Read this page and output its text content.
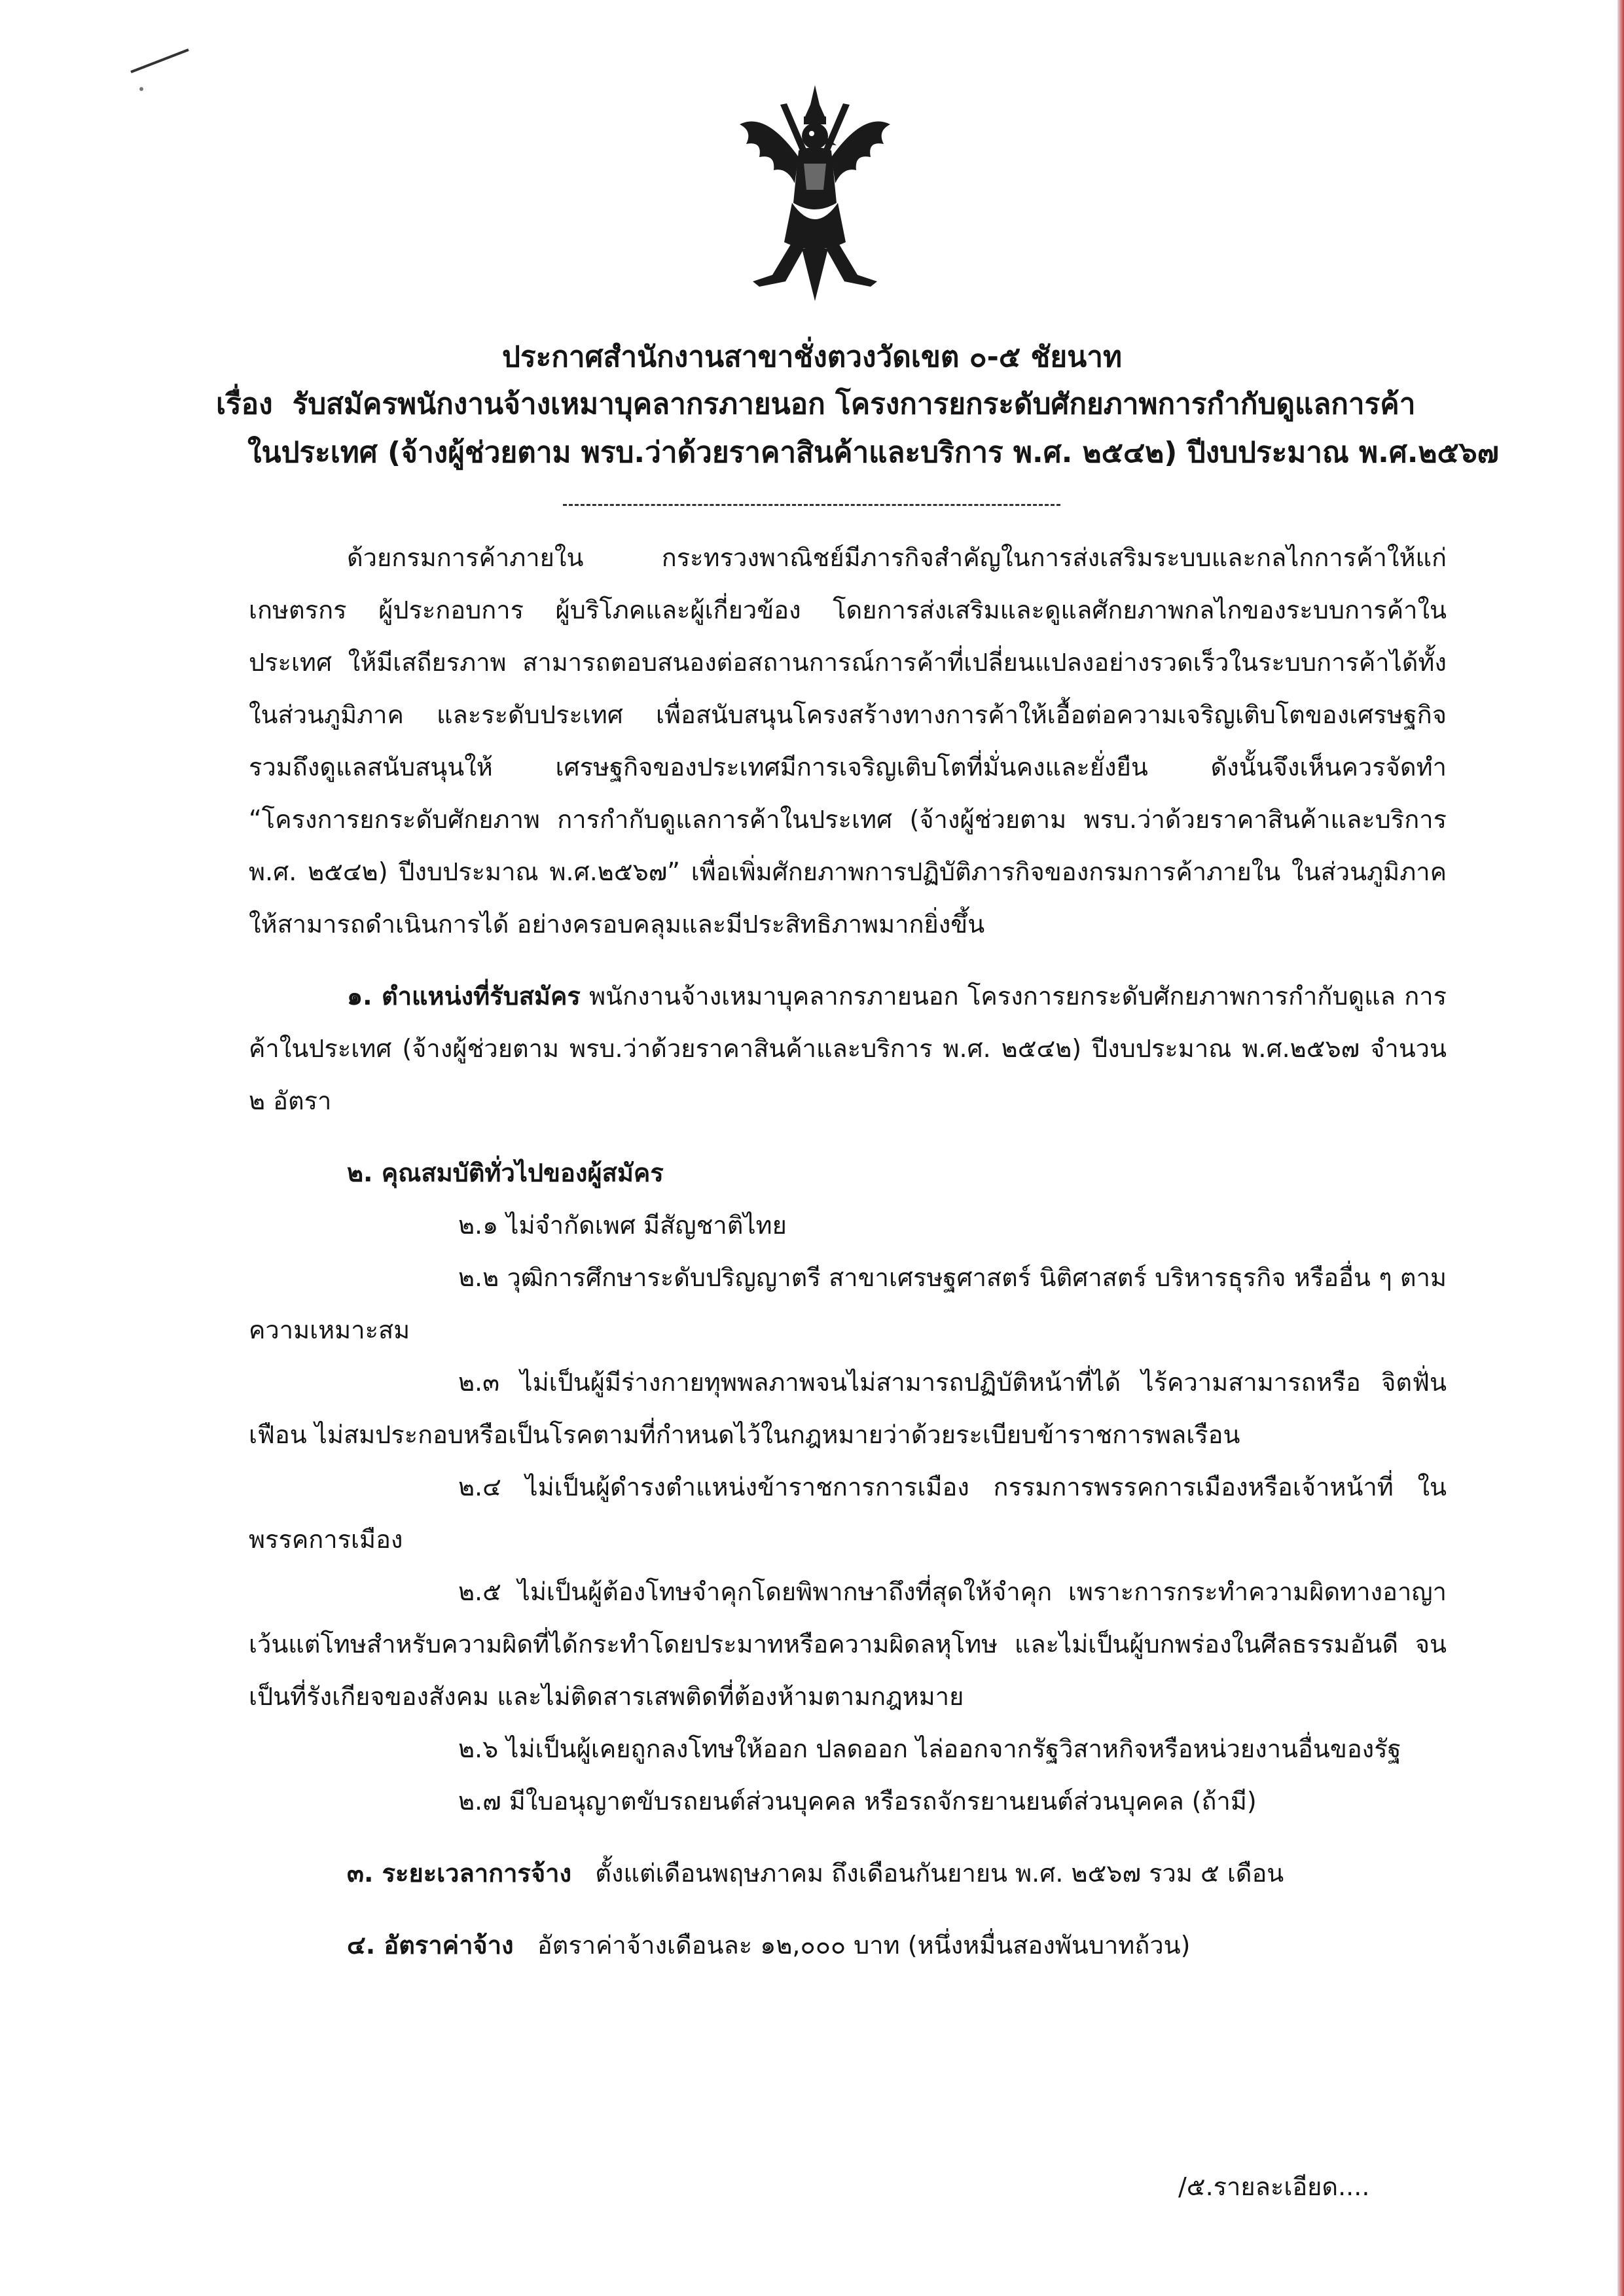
ประกาศสำนักงานสาขาชั่งตวงวัดเขต ๐-๕ ชัยนาท
เรื่อง รับสมัครพนักงานจ้างเหมาบุคลากรภายนอก โครงการยกระดับศักยภาพการกำกับดูแลการค้า
ในประเทศ (จ้างผู้ช่วยตาม พรบ.ว่าด้วยราคาสินค้าและบริการ พ.ศ. ๒๕๔๒) ปีงบประมาณ พ.ศ.๒๕๖๗

ด้วยกรมการค้าภายใน กระทรวงพาณิชย์มีภารกิจสำคัญในการส่งเสริมระบบและกลไกการค้าให้แก่เกษตรกร ผู้ประกอบการ ผู้บริโภคและผู้เกี่ยวข้อง โดยการส่งเสริมและดูแลศักยภาพกลไกของระบบการค้าในประเทศ ให้มีเสถียรภาพ สามารถตอบสนองต่อสถานการณ์การค้าที่เปลี่ยนแปลงอย่างรวดเร็วในระบบการค้าได้ทั้งในส่วนภูมิภาค และระดับประเทศ เพื่อสนับสนุนโครงสร้างทางการค้าให้เอื้อต่อความเจริญเติบโตของเศรษฐกิจ รวมถึงดูแลสนับสนุนให้ เศรษฐกิจของประเทศมีการเจริญเติบโตที่มั่นคงและยั่งยืน ดังนั้นจึงเห็นควรจัดทำ “โครงการยกระดับศักยภาพ การกำกับดูแลการค้าในประเทศ (จ้างผู้ช่วยตาม พรบ.ว่าด้วยราคาสินค้าและบริการ พ.ศ. ๒๕๔๒) ปีงบประมาณ พ.ศ.๒๕๖๗” เพื่อเพิ่มศักยภาพการปฏิบัติภารกิจของกรมการค้าภายใน ในส่วนภูมิภาคให้สามารถดำเนินการได้ อย่างครอบคลุมและมีประสิทธิภาพมากยิ่งขึ้น

๑. ตำแหน่งที่รับสมัคร พนักงานจ้างเหมาบุคลากรภายนอก โครงการยกระดับศักยภาพการกำกับดูแล การค้าในประเทศ (จ้างผู้ช่วยตาม พรบ.ว่าด้วยราคาสินค้าและบริการ พ.ศ. ๒๕๔๒) ปีงบประมาณ พ.ศ.๒๕๖๗ จำนวน ๒ อัตรา

๒. คุณสมบัติทั่วไปของผู้สมัคร

๒.๑ ไม่จำกัดเพศ มีสัญชาติไทย

๒.๒ วุฒิการศึกษาระดับปริญญาตรี สาขาเศรษฐศาสตร์ นิติศาสตร์ บริหารธุรกิจ หรืออื่น ๆ ตามความเหมาะสม

๒.๓ ไม่เป็นผู้มีร่างกายทุพพลภาพจนไม่สามารถปฏิบัติหน้าที่ได้ ไร้ความสามารถหรือ จิตฟั่นเฟือน ไม่สมประกอบหรือเป็นโรคตามที่กำหนดไว้ในกฎหมายว่าด้วยระเบียบข้าราชการพลเรือน

๒.๔ ไม่เป็นผู้ดำรงตำแหน่งข้าราชการการเมือง กรรมการพรรคการเมืองหรือเจ้าหน้าที่ ในพรรคการเมือง

๒.๕ ไม่เป็นผู้ต้องโทษจำคุกโดยพิพากษาถึงที่สุดให้จำคุก เพราะการกระทำความผิดทางอาญา เว้นแต่โทษสำหรับความผิดที่ได้กระทำโดยประมาทหรือความผิดลหุโทษ และไม่เป็นผู้บกพร่องในศีลธรรมอันดี จนเป็นที่รังเกียจของสังคม และไม่ติดสารเสพติดที่ต้องห้ามตามกฎหมาย

๒.๖ ไม่เป็นผู้เคยถูกลงโทษให้ออก ปลดออก ไล่ออกจากรัฐวิสาหกิจหรือหน่วยงานอื่นของรัฐ

๒.๗ มีใบอนุญาตขับรถยนต์ส่วนบุคคล หรือรถจักรยานยนต์ส่วนบุคคล (ถ้ามี)

๓. ระยะเวลาการจ้าง ตั้งแต่เดือนพฤษภาคม ถึงเดือนกันยายน พ.ศ. ๒๕๖๗ รวม ๕ เดือน

๔. อัตราค่าจ้าง อัตราค่าจ้างเดือนละ ๑๒,๐๐๐ บาท (หนึ่งหมื่นสองพันบาทถ้วน)

/๕.รายละเอียด....
